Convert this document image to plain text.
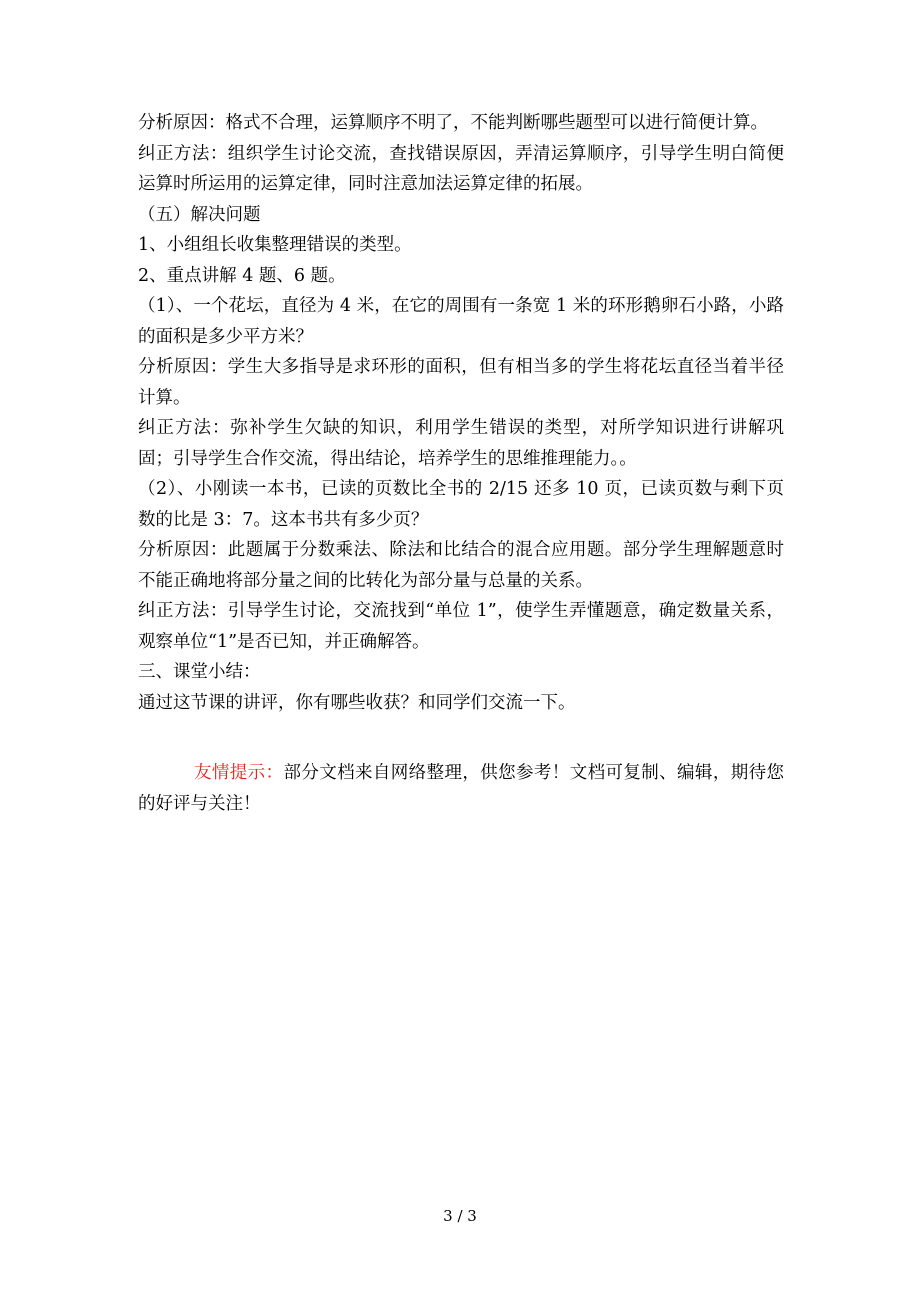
分析原因：格式不合理，运算顺序不明了，不能判断哪些题型可以进行简便计算。

纠正方法：组织学生讨论交流，查找错误原因，弄清运算顺序，引导学生明白简便运算时所运用的运算定律，同时注意加法运算定律的拓展。

（五）解决问题

1、小组组长收集整理错误的类型。

2、重点讲解 4 题、6 题。

（1）、一个花坛，直径为 4 米，在它的周围有一条宽 1 米的环形鹅卵石小路，小路的面积是多少平方米？

分析原因：学生大多指导是求环形的面积，但有相当多的学生将花坛直径当着半径计算。

纠正方法：弥补学生欠缺的知识，利用学生错误的类型，对所学知识进行讲解巩固；引导学生合作交流，得出结论，培养学生的思维推理能力。。

（2）、小刚读一本书，已读的页数比全书的 2/15 还多 10 页，已读页数与剩下页数的比是 3：7。这本书共有多少页？

分析原因：此题属于分数乘法、除法和比结合的混合应用题。部分学生理解题意时不能正确地将部分量之间的比转化为部分量与总量的关系。

纠正方法：引导学生讨论，交流找到“单位 1”，使学生弄懂题意，确定数量关系，观察单位“1”是否已知，并正确解答。

三、课堂小结：

通过这节课的讲评，你有哪些收获？和同学们交流一下。

友情提示：部分文档来自网络整理，供您参考！文档可复制、编辑，期待您的好评与关注！

3 / 3
